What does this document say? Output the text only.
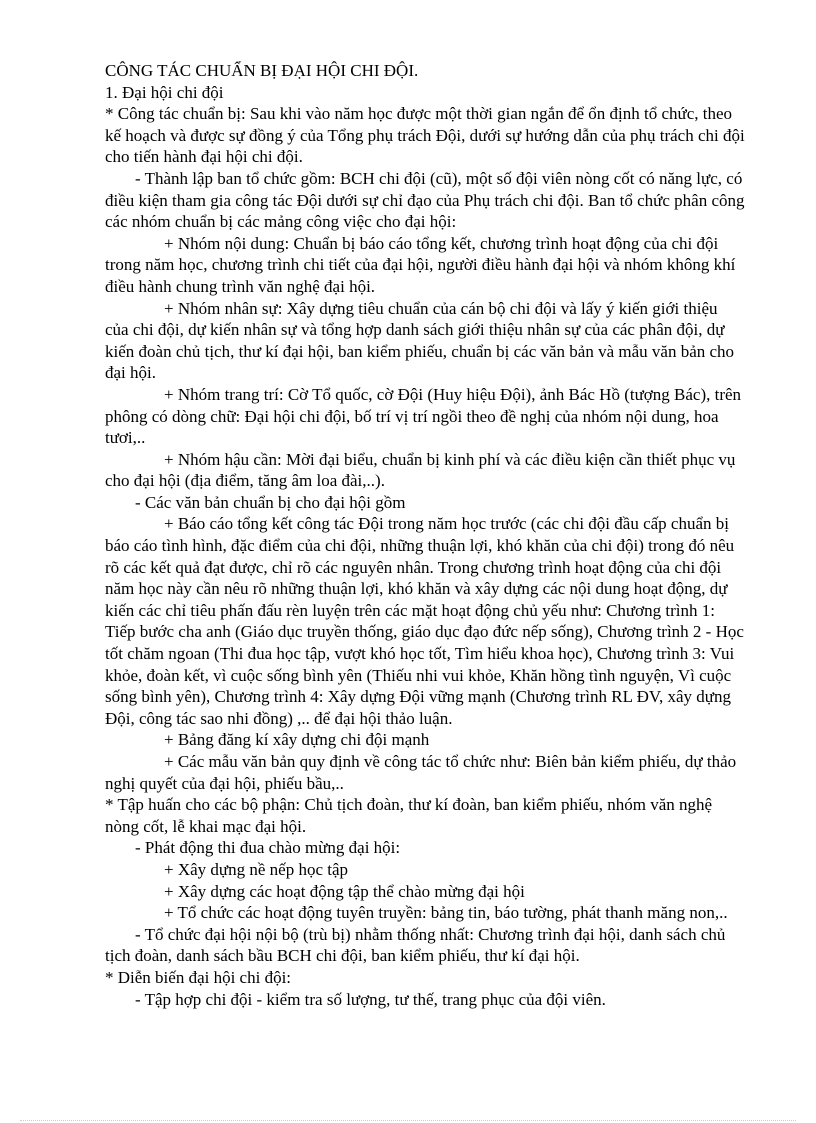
CÔNG TÁC CHUẨN BỊ ĐẠI HỘI CHI ĐỘI.

1. Đại hội chi đội

* Công tác chuẩn bị: Sau khi vào năm học được một thời gian ngắn để ổn định tổ chức, theo kế hoạch và được sự đồng ý của Tổng phụ trách Đội, dưới sự hướng dẫn của phụ trách chi đội cho tiến hành đại hội chi đội.

- Thành lập ban tổ chức gồm: BCH chi đội (cũ), một số đội viên nòng cốt có năng lực, có điều kiện tham gia công tác Đội dưới sự chỉ đạo của Phụ trách chi đội. Ban tổ chức phân công các nhóm chuẩn bị các mảng công việc cho đại hội:

+ Nhóm nội dung: Chuẩn bị báo cáo tổng kết, chương trình hoạt động của chi đội trong năm học, chương trình chi tiết của đại hội, người điều hành đại hội và nhóm không khí điều hành chung trình văn nghệ đại hội.

+ Nhóm nhân sự: Xây dựng tiêu chuẩn của cán bộ chi đội và lấy ý kiến giới thiệu của chi đội, dự kiến nhân sự và tổng hợp danh sách giới thiệu nhân sự của các phân đội, dự kiến đoàn chủ tịch, thư kí đại hội, ban kiểm phiếu, chuẩn bị các văn bản và mẫu văn bản cho đại hội.

+ Nhóm trang trí: Cờ Tổ quốc, cờ Đội (Huy hiệu Đội), ảnh Bác Hồ (tượng Bác), trên phông có dòng chữ: Đại hội chi đội, bố trí vị trí ngồi theo đề nghị của nhóm nội dung, hoa tươi,..

+ Nhóm hậu cần: Mời đại biểu, chuẩn bị kinh phí và các điều kiện cần thiết phục vụ cho đại hội (địa điểm, tăng âm loa đài,..).

- Các văn bản chuẩn bị cho đại hội gồm

+ Báo cáo tổng kết công tác Đội trong năm học trước (các chi đội đầu cấp chuẩn bị báo cáo tình hình, đặc điểm của chi đội, những thuận lợi, khó khăn của chi đội) trong đó nêu rõ các kết quả đạt được, chỉ rõ các nguyên nhân. Trong chương trình hoạt động của chi đội năm học này cần nêu rõ những thuận lợi, khó khăn và xây dựng các nội dung hoạt động, dự kiến các chỉ tiêu phấn đấu rèn luyện trên các mặt hoạt động chủ yếu như: Chương trình 1: Tiếp bước cha anh (Giáo dục truyền thống, giáo dục đạo đức nếp sống), Chương trình 2 - Học tốt chăm ngoan (Thi đua học tập, vượt khó học tốt, Tìm hiểu khoa học), Chương trình 3: Vui khỏe, đoàn kết, vì cuộc sống bình yên (Thiếu nhi vui khỏe, Khăn hồng tình nguyện, Vì cuộc sống bình yên), Chương trình 4: Xây dựng Đội vững mạnh (Chương trình RL ĐV, xây dựng Đội, công tác sao nhi đồng) ,.. để đại hội thảo luận.

+ Bảng đăng kí xây dựng chi đội mạnh

+ Các mẫu văn bản quy định về công tác tổ chức như: Biên bản kiểm phiếu, dự thảo nghị quyết của đại hội, phiếu bầu,..

* Tập huấn cho các bộ phận: Chủ tịch đoàn, thư kí đoàn, ban kiểm phiếu, nhóm văn nghệ nòng cốt, lễ khai mạc đại hội.

- Phát động thi đua chào mừng đại hội:

+ Xây dựng nề nếp học tập

+ Xây dựng các hoạt động tập thể chào mừng đại hội

+ Tổ chức các hoạt động tuyên truyền: bảng tin, báo tường, phát thanh măng non,..

- Tổ chức đại hội nội bộ (trù bị) nhằm thống nhất: Chương trình đại hội, danh sách chủ tịch đoàn, danh sách bầu BCH chi đội, ban kiểm phiếu, thư kí đại hội.

* Diễn biến đại hội chi đội:

- Tập hợp chi đội - kiểm tra số lượng, tư thế, trang phục của đội viên.
